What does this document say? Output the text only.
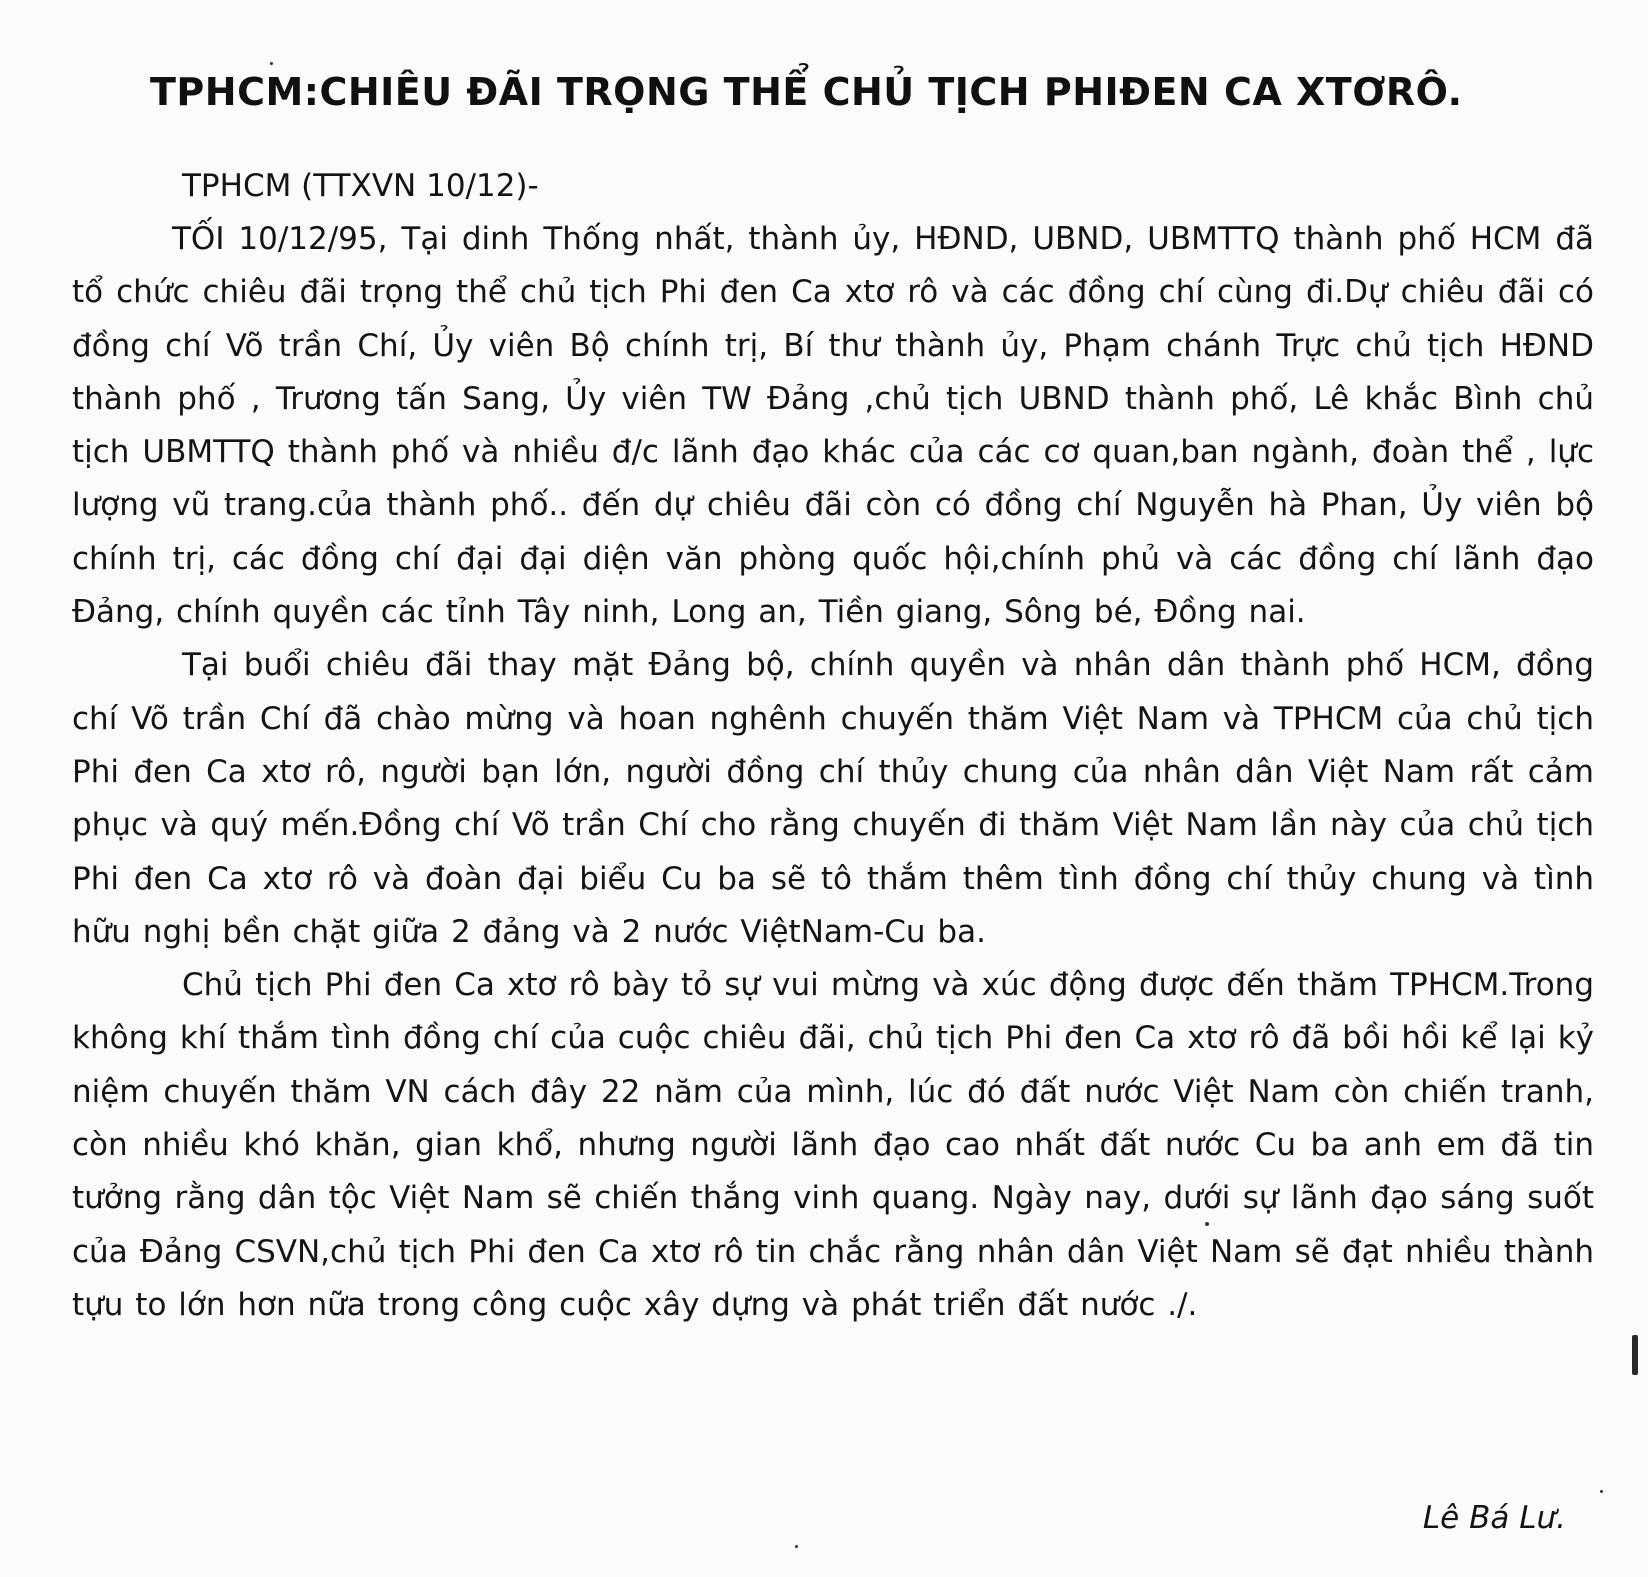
TPHCM:CHIÊU ĐÃI TRỌNG THỂ CHỦ TỊCH PHIĐEN CA XTƠRÔ.

TPHCM (TTXVN 10/12)-

TỐI 10/12/95, Tại dinh Thống nhất, thành ủy, HĐND, UBND, UBMTTQ thành phố HCM đã tổ chức chiêu đãi trọng thể chủ tịch Phi đen Ca xtơ rô và các đồng chí cùng đi.Dự chiêu đãi có đồng chí Võ trần Chí, Ủy viên Bộ chính trị, Bí thư thành ủy, Phạm chánh Trực chủ tịch HĐND thành phố , Trương tấn Sang, Ủy viên TW Đảng ,chủ tịch UBND thành phố, Lê khắc Bình chủ tịch UBMTTQ thành phố và nhiều đ/c lãnh đạo khác của các cơ quan,ban ngành, đoàn thể , lực lượng vũ trang.của thành phố.. đến dự chiêu đãi còn có đồng chí Nguyễn hà Phan, Ủy viên bộ chính trị, các đồng chí đại đại diện văn phòng quốc hội,chính phủ và các đồng chí lãnh đạo Đảng, chính quyền các tỉnh Tây ninh, Long an, Tiền giang, Sông bé, Đồng nai.

Tại buổi chiêu đãi thay mặt Đảng bộ, chính quyền và nhân dân thành phố HCM, đồng chí Võ trần Chí đã chào mừng và hoan nghênh chuyến thăm Việt Nam và TPHCM của chủ tịch Phi đen Ca xtơ rô, người bạn lớn, người đồng chí thủy chung của nhân dân Việt Nam rất cảm phục và quý mến.Đồng chí Võ trần Chí cho rằng chuyến đi thăm Việt Nam lần này của chủ tịch Phi đen Ca xtơ rô và đoàn đại biểu Cu ba sẽ tô thắm thêm tình đồng chí thủy chung và tình hữu nghị bền chặt giữa 2 đảng và 2 nước ViệtNam-Cu ba.

Chủ tịch Phi đen Ca xtơ rô bày tỏ sự vui mừng và xúc động được đến thăm TPHCM.Trong không khí thắm tình đồng chí của cuộc chiêu đãi, chủ tịch Phi đen Ca xtơ rô đã bồi hồi kể lại kỷ niệm chuyến thăm VN cách đây 22 năm của mình, lúc đó đất nước Việt Nam còn chiến tranh, còn nhiều khó khăn, gian khổ, nhưng người lãnh đạo cao nhất đất nước Cu ba anh em đã tin tưởng rằng dân tộc Việt Nam sẽ chiến thắng vinh quang. Ngày nay, dưới sự lãnh đạo sáng suốt của Đảng CSVN,chủ tịch Phi đen Ca xtơ rô tin chắc rằng nhân dân Việt Nam sẽ đạt nhiều thành tựu to lớn hơn nữa trong công cuộc xây dựng và phát triển đất nước ./.

Lê Bá Lư.
